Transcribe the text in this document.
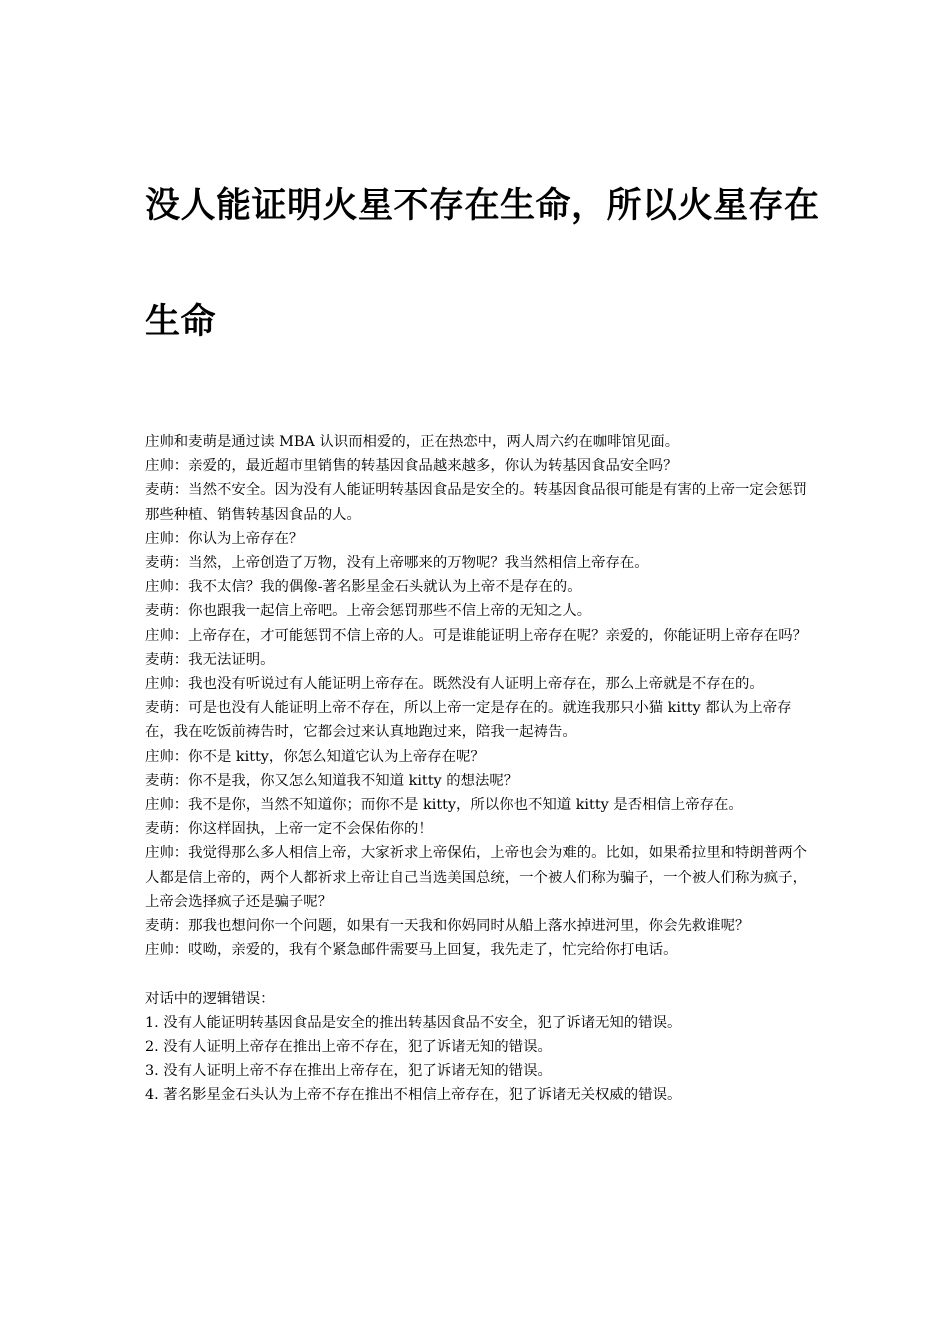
没人能证明火星不存在生命，所以火星存在生命

庄帅和麦萌是通过读 MBA 认识而相爱的，正在热恋中，两人周六约在咖啡馆见面。

庄帅：亲爱的，最近超市里销售的转基因食品越来越多，你认为转基因食品安全吗？

麦萌：当然不安全。因为没有人能证明转基因食品是安全的。转基因食品很可能是有害的上帝一定会惩罚那些种植、销售转基因食品的人。

庄帅：你认为上帝存在？

麦萌：当然，上帝创造了万物，没有上帝哪来的万物呢？我当然相信上帝存在。

庄帅：我不太信？我的偶像-著名影星金石头就认为上帝不是存在的。

麦萌：你也跟我一起信上帝吧。上帝会惩罚那些不信上帝的无知之人。

庄帅：上帝存在，才可能惩罚不信上帝的人。可是谁能证明上帝存在呢？亲爱的，你能证明上帝存在吗？

麦萌：我无法证明。

庄帅：我也没有听说过有人能证明上帝存在。既然没有人证明上帝存在，那么上帝就是不存在的。

麦萌：可是也没有人能证明上帝不存在，所以上帝一定是存在的。就连我那只小猫 kitty 都认为上帝存在，我在吃饭前祷告时，它都会过来认真地跑过来，陪我一起祷告。

庄帅：你不是 kitty，你怎么知道它认为上帝存在呢？

麦萌：你不是我，你又怎么知道我不知道 kitty 的想法呢？

庄帅：我不是你，当然不知道你；而你不是 kitty，所以你也不知道 kitty 是否相信上帝存在。

麦萌：你这样固执，上帝一定不会保佑你的！

庄帅：我觉得那么多人相信上帝，大家祈求上帝保佑，上帝也会为难的。比如，如果希拉里和特朗普两个人都是信上帝的，两个人都祈求上帝让自己当选美国总统，一个被人们称为骗子，一个被人们称为疯子，上帝会选择疯子还是骗子呢？

麦萌：那我也想问你一个问题，如果有一天我和你妈同时从船上落水掉进河里，你会先救谁呢？

庄帅：哎呦，亲爱的，我有个紧急邮件需要马上回复，我先走了，忙完给你打电话。

对话中的逻辑错误：

1. 没有人能证明转基因食品是安全的推出转基因食品不安全，犯了诉诸无知的错误。

2. 没有人证明上帝存在推出上帝不存在，犯了诉诸无知的错误。

3. 没有人证明上帝不存在推出上帝存在，犯了诉诸无知的错误。

4. 著名影星金石头认为上帝不存在推出不相信上帝存在，犯了诉诸无关权威的错误。
